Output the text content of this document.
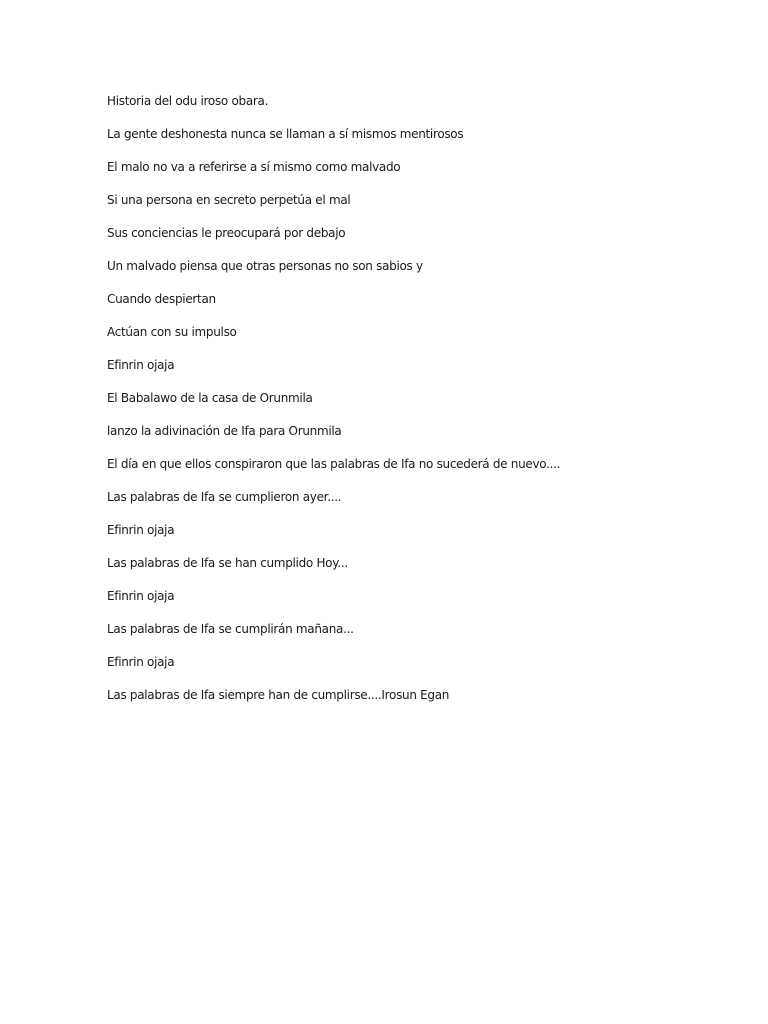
Historia del odu iroso obara.

La gente deshonesta nunca se llaman a sí mismos mentirosos

El malo no va a referirse a sí mismo como malvado

Si una persona en secreto perpetúa el mal

Sus conciencias le preocupará por debajo

Un malvado piensa que otras personas no son sabios y

Cuando despiertan

Actúan con su impulso

Efinrin ojaja

El Babalawo de la casa de Orunmila

lanzo la adivinación de Ifa para Orunmila

El día en que ellos conspiraron que las palabras de Ifa no sucederá de nuevo....

Las palabras de Ifa se cumplieron ayer....

Efinrin ojaja

Las palabras de Ifa se han cumplido Hoy...

Efinrin ojaja

Las palabras de Ifa se cumplirán mañana...

Efinrin ojaja

Las palabras de Ifa siempre han de cumplirse....Irosun Egan
